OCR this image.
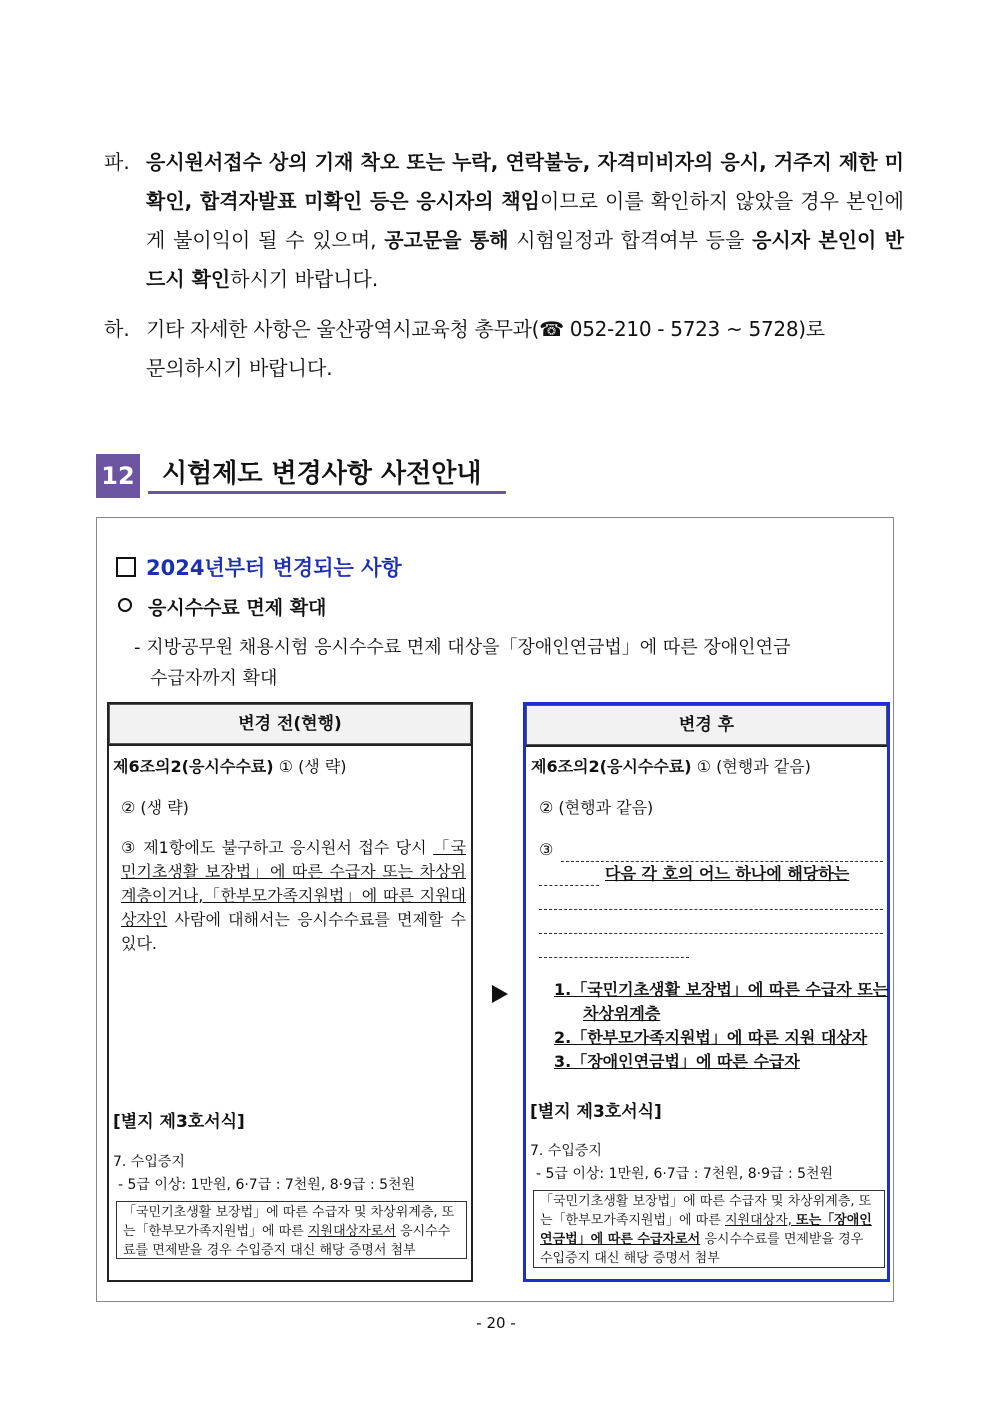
파. 응시원서접수 상의 기재 착오 또는 누락, 연락불능, 자격미비자의 응시, 거주지 제한 미확인, 합격자발표 미확인 등은 응시자의 책임이므로 이를 확인하지 않았을 경우 본인에게 불이익이 될 수 있으며, 공고문을 통해 시험일정과 합격여부 등을 응시자 본인이 반드시 확인하시기 바랍니다.
하. 기타 자세한 사항은 울산광역시교육청 총무과(☎ 052-210 - 5723 ~ 5728)로
문의하시기 바랍니다.
12	시험제도 변경사항 사전안내
2024년부터 변경되는 사항
응시수수료 면제 확대
- 지방공무원 채용시험 응시수수료 면제 대상을「장애인연금법」에 따른 장애인연금
수급자까지 확대
변경 전(현행)
제6조의2(응시수수료) ① (생 략)
② (생 략)
③ 제1항에도 불구하고 응시원서 접수 당시 「국민기초생활 보장법」에 따른 수급자 또는 차상위 계층이거나,「한부모가족지원법」에 따른 지원대상자인 사람에 대해서는 응시수수료를 면제할 수 있다.
[별지 제3호서식]
7. 수입증지
- 5급 이상: 1만원, 6·7급 : 7천원, 8·9급 : 5천원
「국민기초생활 보장법」에 따른 수급자 및 차상위계층, 또는「한부모가족지원법」에 따른 지원대상자로서 응시수수료를 면제받을 경우 수입증지 대신 해당 증명서 첨부
변경 후
제6조의2(응시수수료) ① (현행과 같음)
② (현행과 같음)
③
다음 각 호의 어느 하나에 해당하는
1.「국민기초생활 보장법」에 따른 수급자 또는
차상위계층
2.「한부모가족지원법」에 따른 지원 대상자
3.「장애인연금법」에 따른 수급자
[별지 제3호서식]
7. 수입증지
- 5급 이상: 1만원, 6·7급 : 7천원, 8·9급 : 5천원
「국민기초생활 보장법」에 따른 수급자 및 차상위계층, 또는「한부모가족지원법」에 따른 지원대상자, 또는「장애인연금법」에 따른 수급자로서 응시수수료를 면제받을 경우 수입증지 대신 해당 증명서 첨부
- 20 -
